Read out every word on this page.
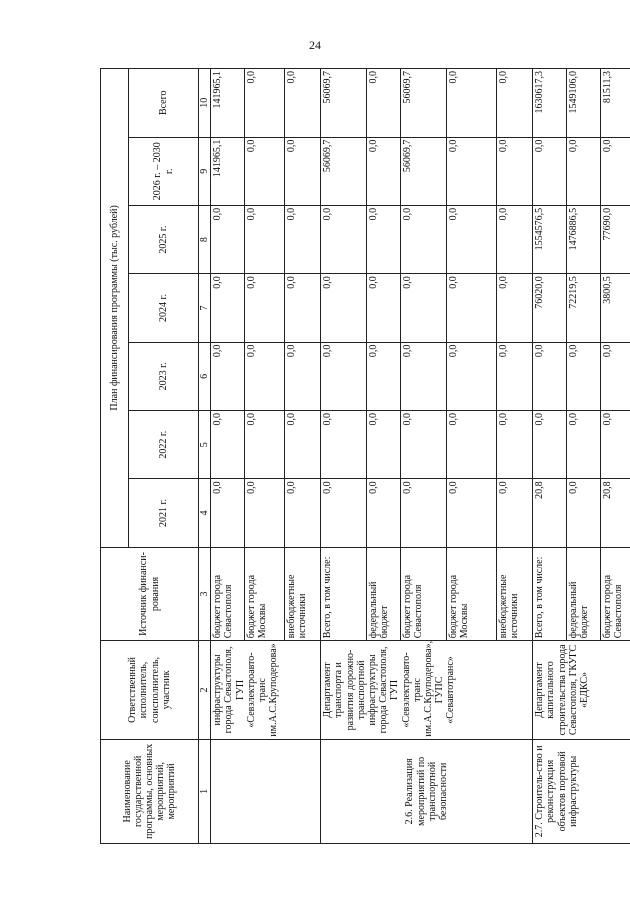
24
Наименование государственной программы, основных мероприятий, мероприятий	Ответственный исполнитель, соисполнитель, участник	Источник финанси-рования	План финансирования программы (тыс. рублей)						
			2021 г.	2022 г.	2023 г.	2024 г.	2025 г.	2026 г. – 2030 г.	Всего
1	2	3	4	5	6	7	8	9	10
	инфраструктуры города Севастополя, ГУП «Севэлектроавто-транс им.А.С.Круподерова»	бюджет города Севастополя	0,0	0,0	0,0	0,0	0,0	141965,1	141965,1
		бюджет города Москвы	0,0	0,0	0,0	0,0	0,0	0,0	0,0
		внебюджетные источники	0,0	0,0	0,0	0,0	0,0	0,0	0,0
2.6. Реализация мероприятий по транспортной безопасности	Департамент транспорта и развития дорожно-транспортной инфраструктуры города Севастополя, ГУП «Севэлектроавто-транс им.А.С.Круподерова», ГУПС «Севавтотранс»	Всего, в том числе:	0,0	0,0	0,0	0,0	0,0	56069,7	56069,7
		федеральный бюджет	0,0	0,0	0,0	0,0	0,0	0,0	0,0
		бюджет города Севастополя	0,0	0,0	0,0	0,0	0,0	56069,7	56069,7
		бюджет города Москвы	0,0	0,0	0,0	0,0	0,0	0,0	0,0
		внебюджетные источники	0,0	0,0	0,0	0,0	0,0	0,0	0,0
2.7. Строитель-ство и реконструкция объектов портовой инфраструктуры	Департамент капитального строительства города Севастополя, ГКУГС «ЕДКС»	Всего, в том числе:	20,8	0,0	0,0	76020,0	1554576,5	0,0	1630617,3
		федеральный бюджет	0,0	0,0	0,0	72219,5	1476886,5	0,0	1549106,0
		бюджет города Севастополя	20,8	0,0	0,0	3800,5	77690,0	0,0	81511,3
